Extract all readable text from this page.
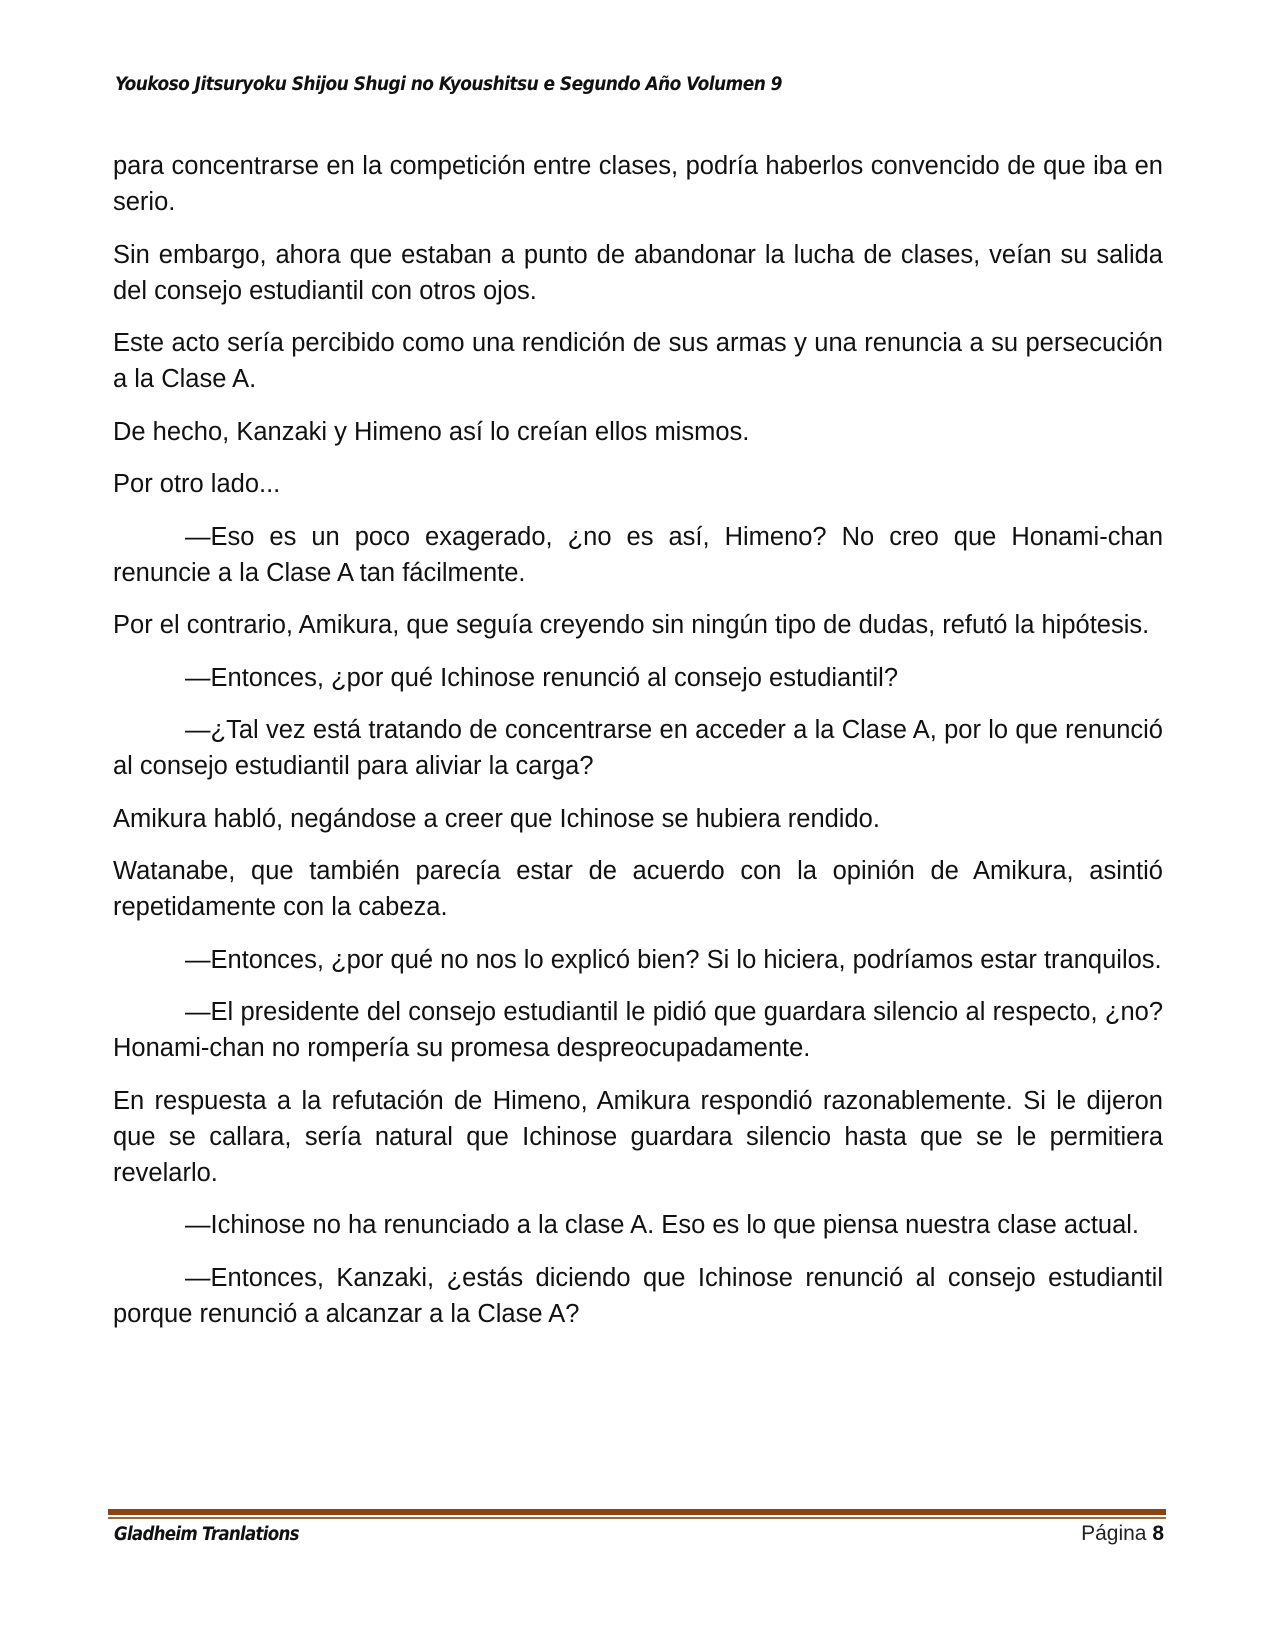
Youkoso Jitsuryoku Shijou Shugi no Kyoushitsu e Segundo Año Volumen 9

para concentrarse en la competición entre clases, podría haberlos convencido de que iba en serio.

Sin embargo, ahora que estaban a punto de abandonar la lucha de clases, veían su salida del consejo estudiantil con otros ojos.

Este acto sería percibido como una rendición de sus armas y una renuncia a su persecución a la Clase A.

De hecho, Kanzaki y Himeno así lo creían ellos mismos.

Por otro lado...

—Eso es un poco exagerado, ¿no es así, Himeno? No creo que Honami-chan renuncie a la Clase A tan fácilmente.

Por el contrario, Amikura, que seguía creyendo sin ningún tipo de dudas, refutó la hipótesis.

—Entonces, ¿por qué Ichinose renunció al consejo estudiantil?

—¿Tal vez está tratando de concentrarse en acceder a la Clase A, por lo que renunció al consejo estudiantil para aliviar la carga?

Amikura habló, negándose a creer que Ichinose se hubiera rendido.

Watanabe, que también parecía estar de acuerdo con la opinión de Amikura, asintió repetidamente con la cabeza.

—Entonces, ¿por qué no nos lo explicó bien? Si lo hiciera, podríamos estar tranquilos.

—El presidente del consejo estudiantil le pidió que guardara silencio al respecto, ¿no? Honami-chan no rompería su promesa despreocupadamente.

En respuesta a la refutación de Himeno, Amikura respondió razonablemente. Si le dijeron que se callara, sería natural que Ichinose guardara silencio hasta que se le permitiera revelarlo.

—Ichinose no ha renunciado a la clase A. Eso es lo que piensa nuestra clase actual.

—Entonces, Kanzaki, ¿estás diciendo que Ichinose renunció al consejo estudiantil porque renunció a alcanzar a la Clase A?

Gladheim Tranlations	Página 8
